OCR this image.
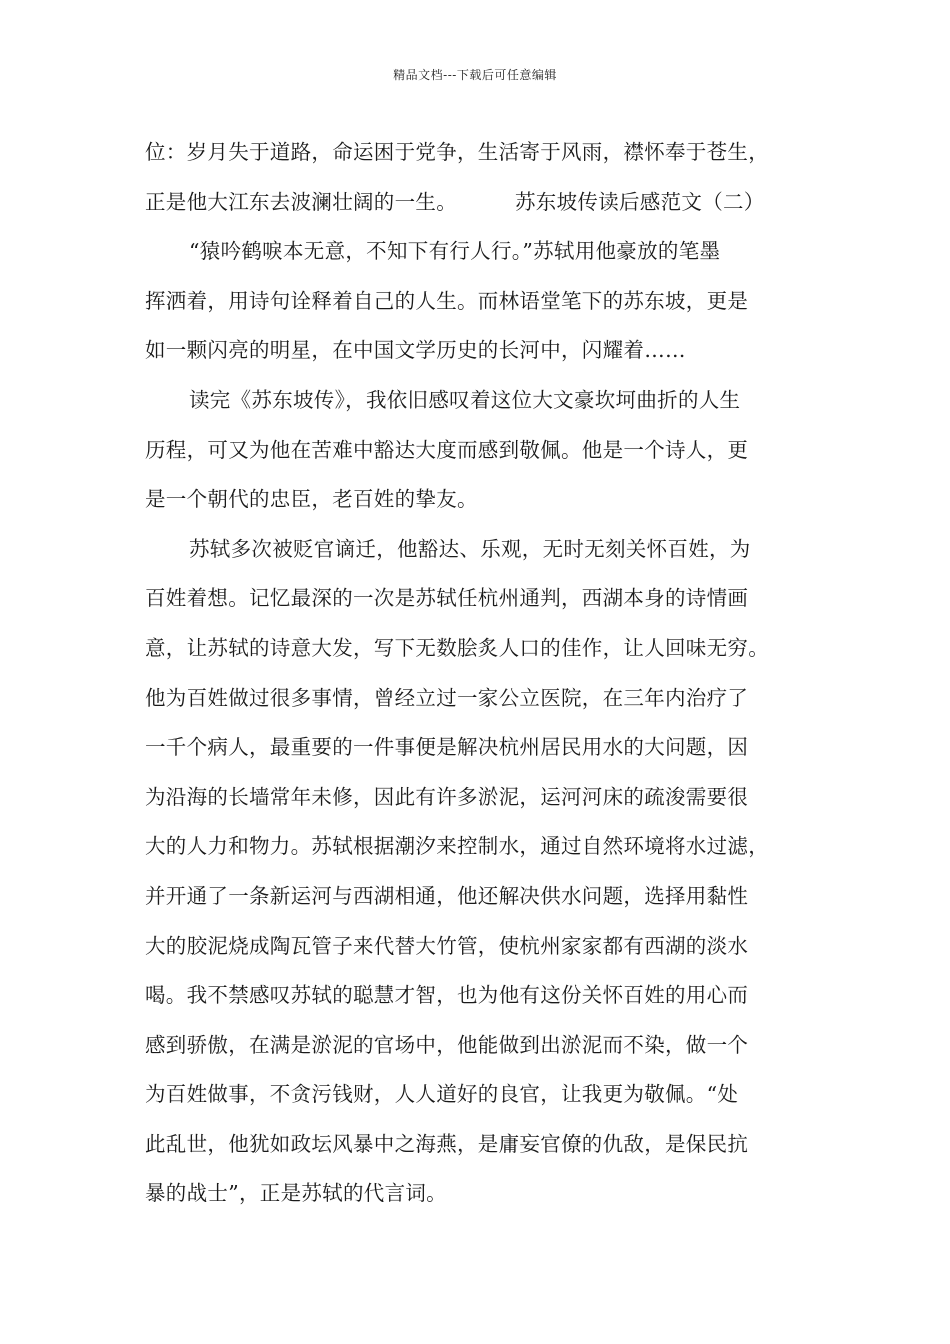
精品文档---下载后可任意编辑
位：岁月失于道路，命运困于党争，生活寄于风雨，襟怀奉于苍生，
正是他大江东去波澜壮阔的一生。	苏东坡传读后感范文（二）
“猿吟鹤唳本无意，不知下有行人行。”苏轼用他豪放的笔墨
挥洒着，用诗句诠释着自己的人生。而林语堂笔下的苏东坡，更是
如一颗闪亮的明星，在中国文学历史的长河中，闪耀着……
读完《苏东坡传》，我依旧感叹着这位大文豪坎坷曲折的人生
历程，可又为他在苦难中豁达大度而感到敬佩。他是一个诗人，更
是一个朝代的忠臣，老百姓的挚友。
苏轼多次被贬官谪迁，他豁达、乐观，无时无刻关怀百姓，为
百姓着想。记忆最深的一次是苏轼任杭州通判，西湖本身的诗情画
意，让苏轼的诗意大发，写下无数脍炙人口的佳作，让人回味无穷。
他为百姓做过很多事情，曾经立过一家公立医院，在三年内治疗了
一千个病人，最重要的一件事便是解决杭州居民用水的大问题，因
为沿海的长墙常年未修，因此有许多淤泥，运河河床的疏浚需要很
大的人力和物力。苏轼根据潮汐来控制水，通过自然环境将水过滤，
并开通了一条新运河与西湖相通，他还解决供水问题，选择用黏性
大的胶泥烧成陶瓦管子来代替大竹管，使杭州家家都有西湖的淡水
喝。我不禁感叹苏轼的聪慧才智，也为他有这份关怀百姓的用心而
感到骄傲，在满是淤泥的官场中，他能做到出淤泥而不染，做一个
为百姓做事，不贪污钱财，人人道好的良官，让我更为敬佩。“处
此乱世，他犹如政坛风暴中之海燕，是庸妄官僚的仇敌，是保民抗
暴的战士”，正是苏轼的代言词。
